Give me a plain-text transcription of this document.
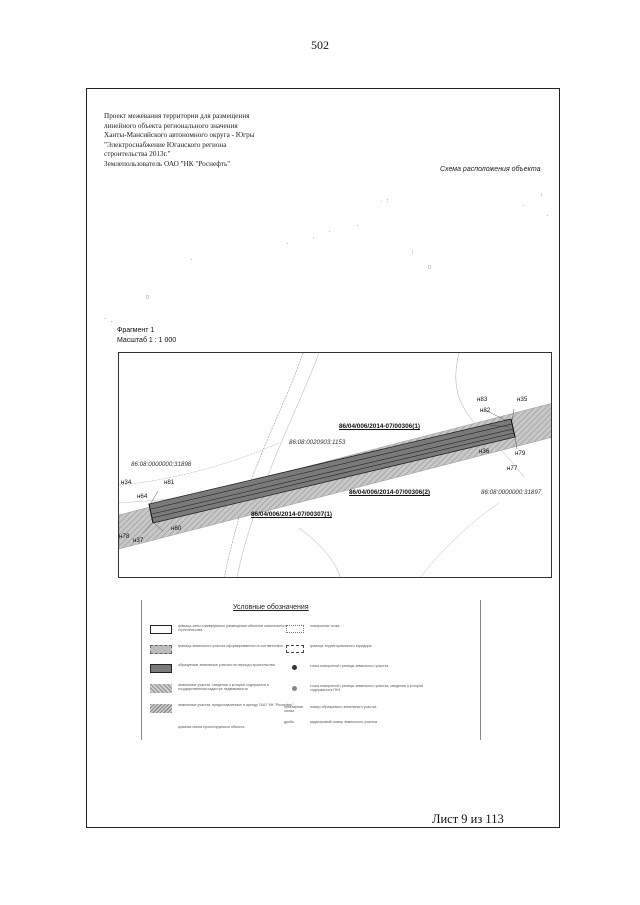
502
Проект межевания территории для размещения
линейного объекта регионального значения
Ханты-Мансийского автономного округа - Югры
"Электроснабжение Юганского региона
строительства 2013г."
Землепользователь ОАО "НК "Роснефть"
Схема расположения объекта
· :
:
.
.
.
.
.
.
:
.
□
□
‾ .
Фрагмент 1
Масштаб 1 : 1 000
86/04/006/2014-07/00306(1)
86/04/006/2014-07/00306(2)
86/04/006/2014-07/00307(1)
86:08:0020903:1153
86:08:0000000:31898
86:08:0000000:31897
н83	н35
н82
н79
н36
н77
н34	н81
н64
н60
н78
н37
Условные обозначения
граница зоны планируемого размещения объектов капитального строительства
граница земельного участка сформированного в соответствии
образуемые земельные участки на период строительства
земельные участки, сведения о которых содержатся в государственном кадастре недвижимости
земельные участки, предоставленные в аренду ОАО "НК "Роснефть"
красная линия проектируемого объекта
поворотная точка
граница территориального коридора
точка поворотной границы земельного участка
точка поворотной границы земельного участка, сведения о которой содержатся в ГКН
номер образуемого земельного участка
кадастровый номер земельного участка
пунктирная линия
дробь
Лист 9 из 113
